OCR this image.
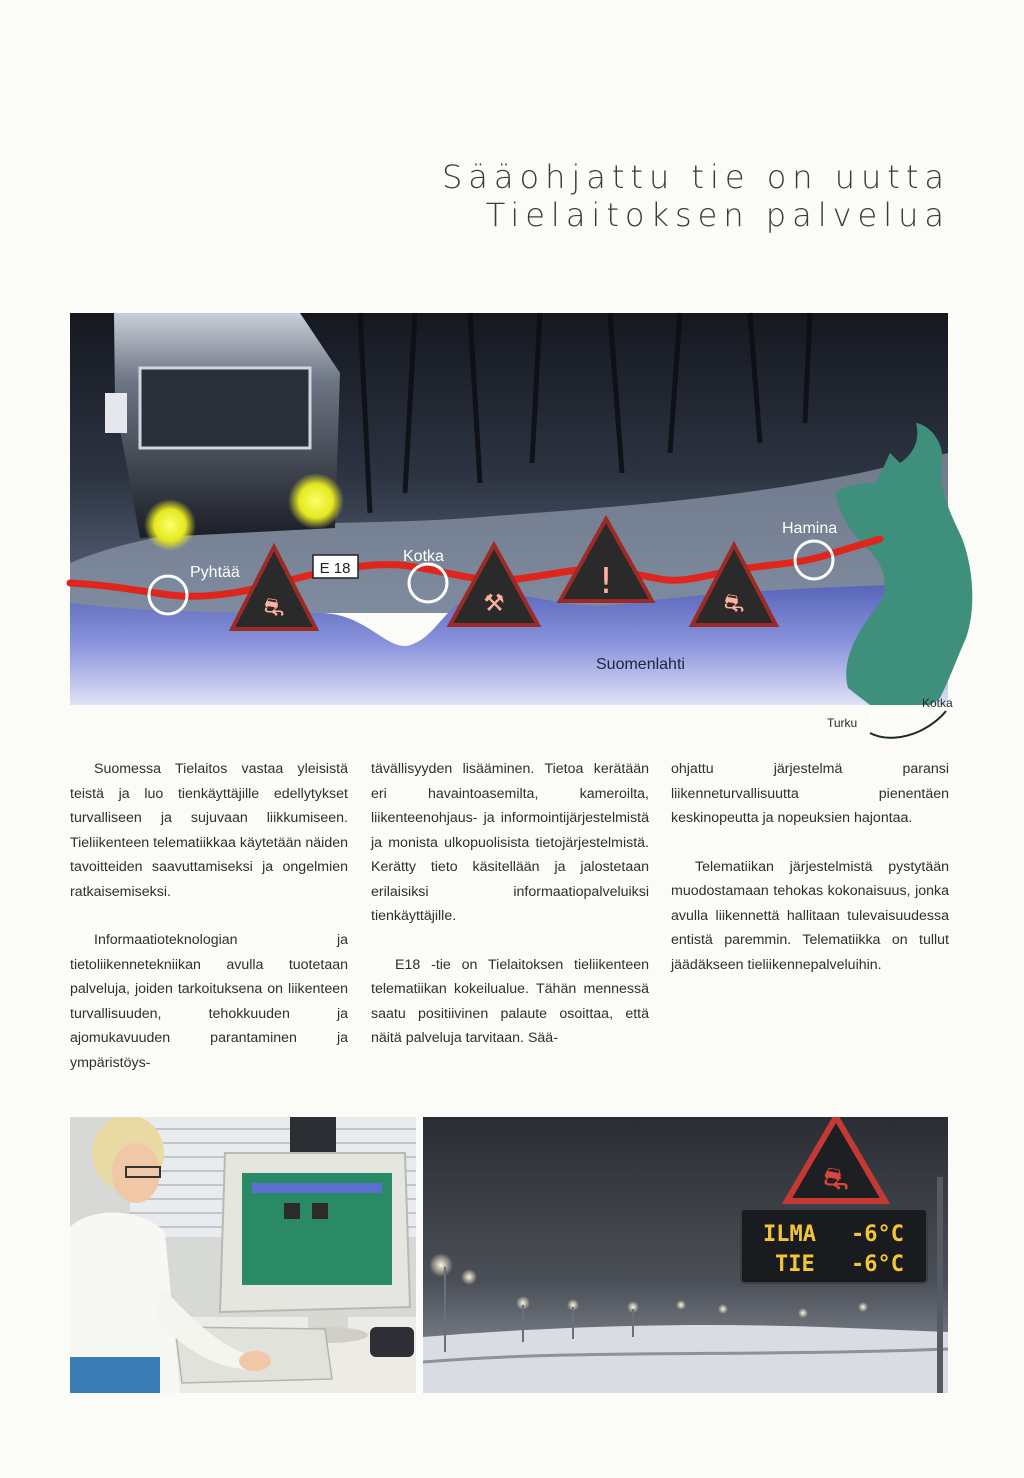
Sääohjattu tie on uutta
Tielaitoksen palvelua
⛐	⚒
!
⛐
E 18
Pyhtää
Kotka
Hamina
Suomenlahti
Turku Helsinki
Kotka

Suomessa Tielaitos vastaa yleisistä teistä ja luo tienkäyttäjille edellytykset turvalliseen ja sujuvaan liikkumiseen. Tieliikenteen telematiikkaa käytetään näiden tavoitteiden saavuttamiseksi ja ongelmien ratkaisemiseksi.

Informaatioteknologian ja tietoliikennetekniikan avulla tuotetaan palveluja, joiden tarkoituksena on liikenteen turvallisuuden, tehokkuuden ja ajomukavuuden parantaminen ja ympäristöys-

tävällisyyden lisääminen. Tietoa kerätään eri havaintoasemilta, kameroilta, liikenteenohjaus- ja informointijärjestelmistä ja monista ulkopuolisista tietojärjestelmistä. Kerätty tieto käsitellään ja jalostetaan erilaisiksi informaatiopalveluiksi tienkäyttäjille.

E18 -tie on Tielaitoksen tieliikenteen telematiikan kokeilualue. Tähän mennessä saatu positiivinen palaute osoittaa, että näitä palveluja tarvitaan. Sää-

ohjattu järjestelmä paransi liikenneturvallisuutta pienentäen keskinopeutta ja nopeuksien hajontaa.

Telematiikan järjestelmistä pystytään muodostamaan tehokas kokonaisuus, jonka avulla liikennettä hallitaan tulevaisuudessa entistä paremmin. Telematiikka on tullut jäädäkseen tieliikennepalveluihin.

⛐
ILMA -6°C
TIE -6°C
